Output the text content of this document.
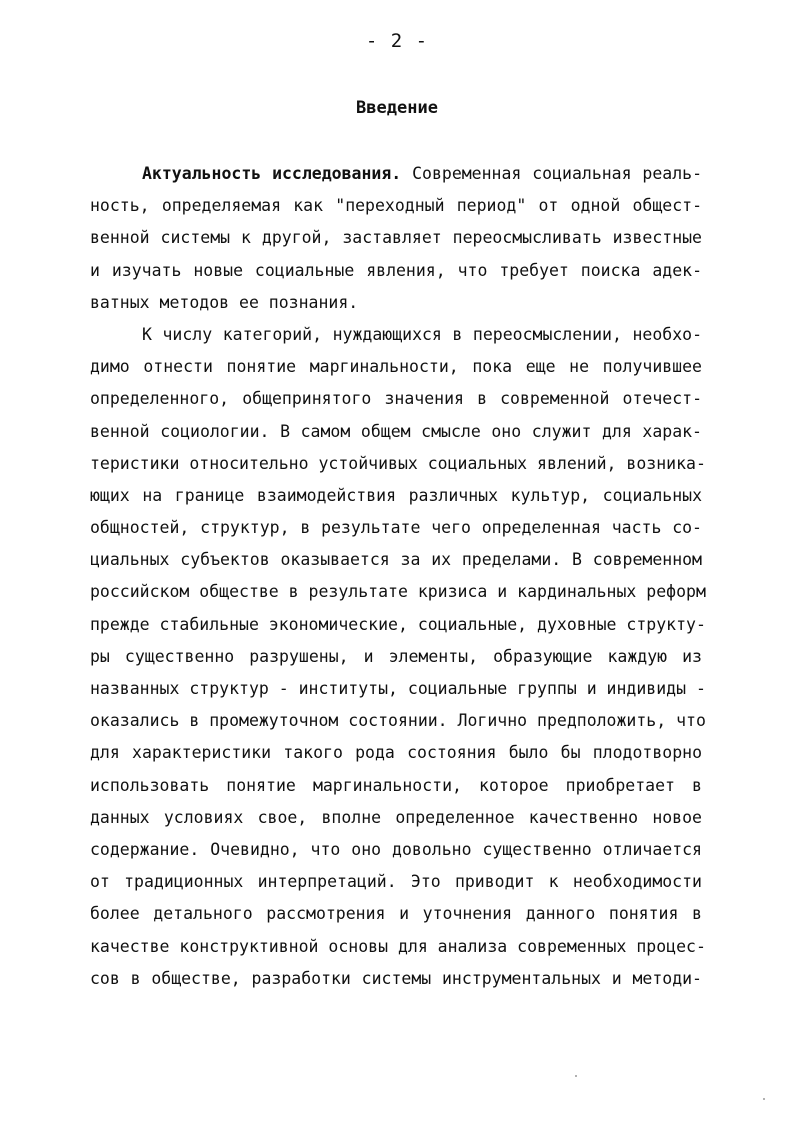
- 2 -
Введение
Актуальность исследования. Современная социальная реаль-
ность, определяемая как "переходный период" от одной общест-
венной системы к другой, заставляет переосмысливать известные
и изучать новые социальные явления, что требует поиска адек-
ватных методов ее познания.
К числу категорий, нуждающихся в переосмыслении, необхо-
димо отнести понятие маргинальности, пока еще не получившее
определенного, общепринятого значения в современной отечест-
венной социологии. В самом общем смысле оно служит для харак-
теристики относительно устойчивых социальных явлений, возника-
ющих на границе взаимодействия различных культур, социальных
общностей, структур, в результате чего определенная часть со-
циальных субъектов оказывается за их пределами. В современном
российском обществе в результате кризиса и кардинальных реформ
прежде стабильные экономические, социальные, духовные структу-
ры существенно разрушены, и элементы, образующие каждую из
названных структур - институты, социальные группы и индивиды -
оказались в промежуточном состоянии. Логично предположить, что
для характеристики такого рода состояния было бы плодотворно
использовать понятие маргинальности, которое приобретает в
данных условиях свое, вполне определенное качественно новое
содержание. Очевидно, что оно довольно существенно отличается
от традиционных интерпретаций. Это приводит к необходимости
более детального рассмотрения и уточнения данного понятия в
качестве конструктивной основы для анализа современных процес-
сов в обществе, разработки системы инструментальных и методи-
